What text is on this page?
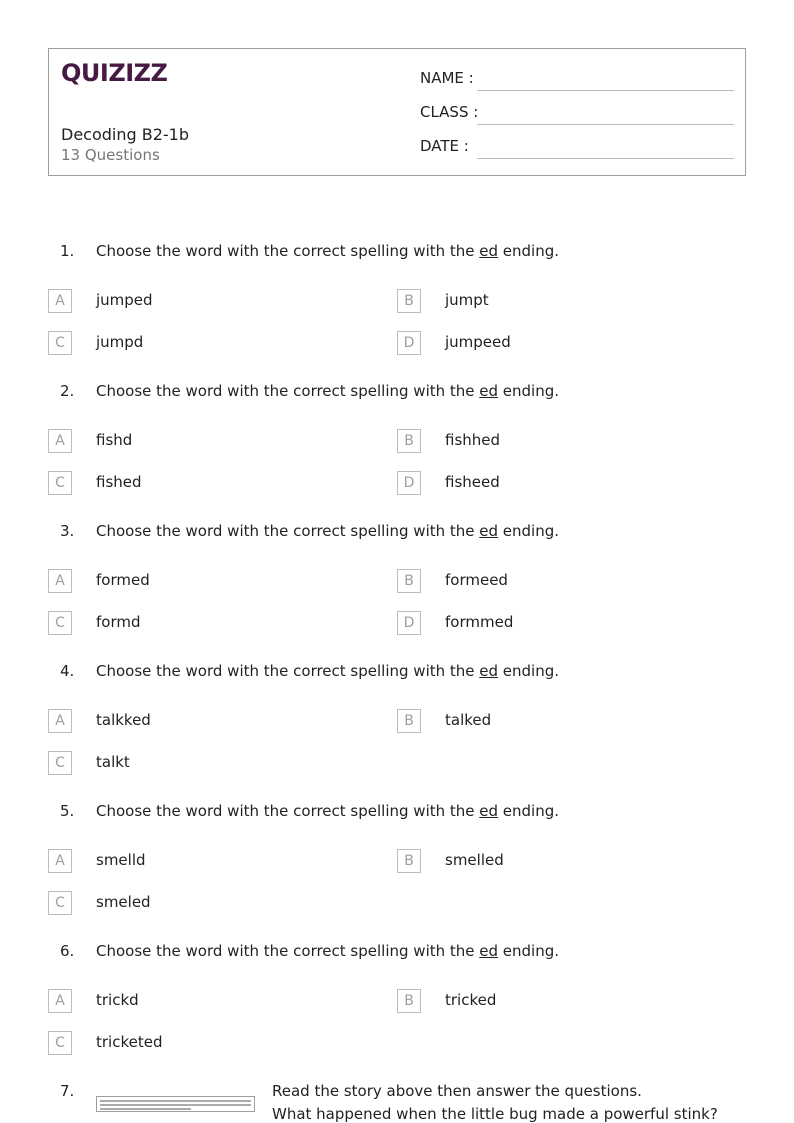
QUIZIZZ
Decoding B2-1b
13 Questions
NAME :
CLASS :
DATE :
1. Choose the word with the correct spelling with the ed ending.
A	jumped	B	jumpt
C	jumpd	D	jumpeed
2. Choose the word with the correct spelling with the ed ending.
A	fishd	B	fishhed
C	fished	D	fisheed
3. Choose the word with the correct spelling with the ed ending.
A	formed	B	formeed
C	formd	D	formmed
4. Choose the word with the correct spelling with the ed ending.
A	talkked	B	talked
C	talkt
5. Choose the word with the correct spelling with the ed ending.
A	smelld	B	smelled
C	smeled
6. Choose the word with the correct spelling with the ed ending.
A	trickd	B	tricked
C	tricketed
7.	Read the story above then answer the questions.
What happened when the little bug made a powerful stink?
